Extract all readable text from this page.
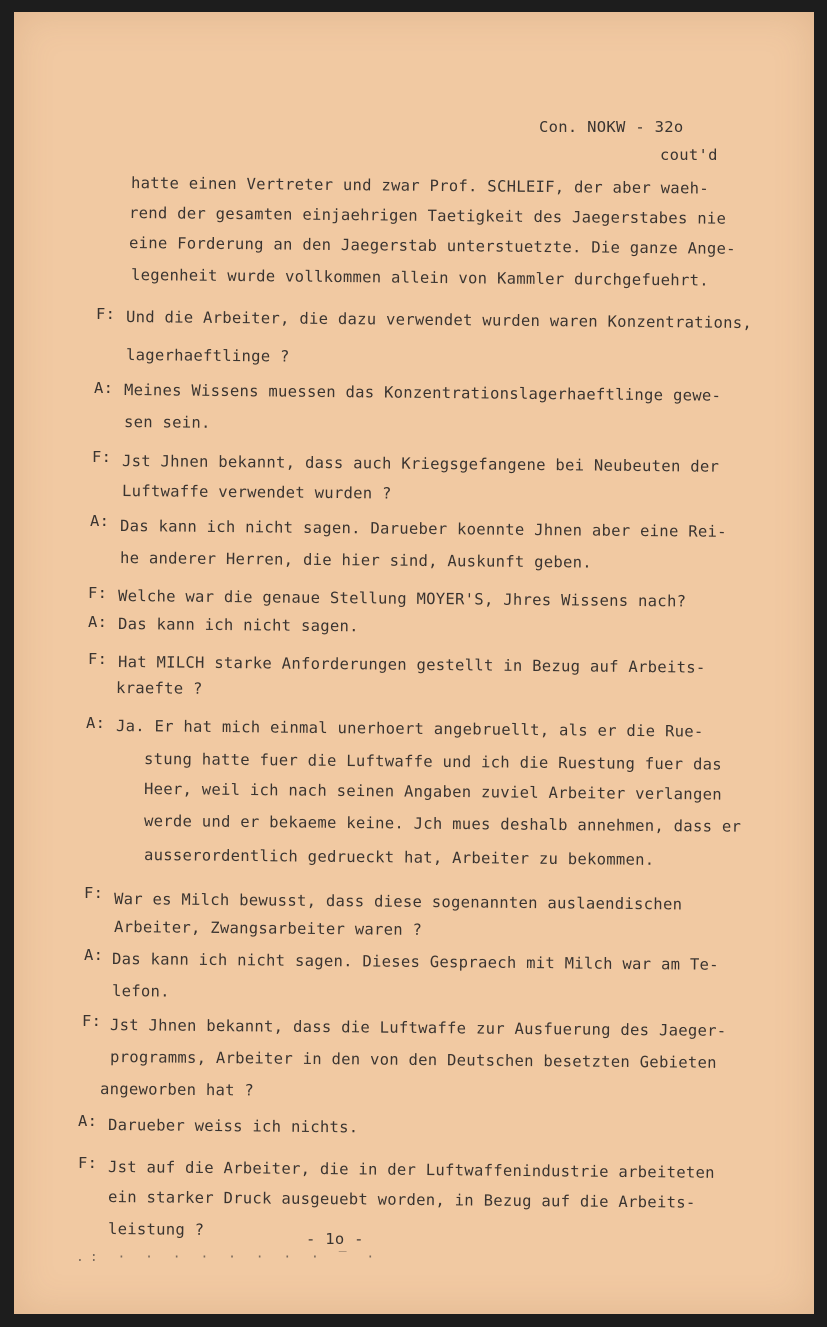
Con. NOKW - 32o
cout'd
hatte einen Vertreter und zwar Prof. SCHLEIF, der aber waeh-
rend der gesamten einjaehrigen Taetigkeit des Jaegerstabes nie
eine Forderung an den Jaegerstab unterstuetzte. Die ganze Ange-
legenheit wurde vollkommen allein von Kammler durchgefuehrt.
F: Und die Arbeiter, die dazu verwendet wurden waren Konzentrations,
lagerhaeftlinge ?
A: Meines Wissens muessen das Konzentrationslagerhaeftlinge gewe-
sen sein.
F: Jst Jhnen bekannt, dass auch Kriegsgefangene bei Neubeuten der
Luftwaffe verwendet wurden ?
A: Das kann ich nicht sagen. Darueber koennte Jhnen aber eine Rei-
he anderer Herren, die hier sind, Auskunft geben.
F: Welche war die genaue Stellung MOYER'S, Jhres Wissens nach?
A: Das kann ich nicht sagen.
F: Hat MILCH starke Anforderungen gestellt in Bezug auf Arbeits-
kraefte ?
A: Ja. Er hat mich einmal unerhoert angebruellt, als er die Rue-
stung hatte fuer die Luftwaffe und ich die Ruestung fuer das
Heer, weil ich nach seinen Angaben zuviel Arbeiter verlangen
werde und er bekaeme keine. Jch mues deshalb annehmen, dass er
ausserordentlich gedrueckt hat, Arbeiter zu bekommen.
F: War es Milch bewusst, dass diese sogenannten auslaendischen
Arbeiter, Zwangsarbeiter waren ?
A: Das kann ich nicht sagen. Dieses Gespraech mit Milch war am Te-
lefon.
F: Jst Jhnen bekannt, dass die Luftwaffe zur Ausfuerung des Jaeger-
programms, Arbeiter in den von den Deutschen besetzten Gebieten
angeworben hat ?
A: Darueber weiss ich nichts.
F: Jst auf die Arbeiter, die in der Luftwaffenindustrie arbeiteten
ein starker Druck ausgeuebt worden, in Bezug auf die Arbeits-
leistung ?
- 1o -
.: · · · · · · · · ‾ ·
